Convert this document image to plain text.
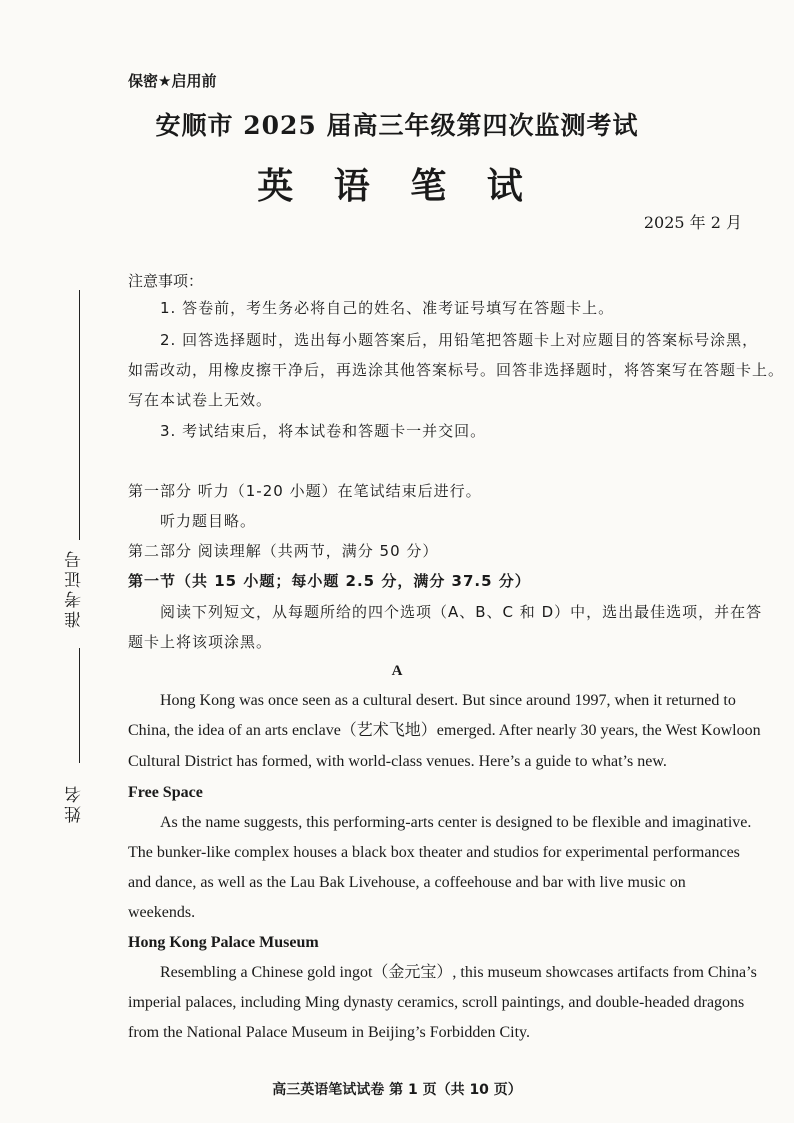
准考证号
姓名
保密★启用前
安顺市 2025 届高三年级第四次监测考试
英 语 笔 试
2025 年 2 月
注意事项：
1. 答卷前，考生务必将自己的姓名、准考证号填写在答题卡上。
2. 回答选择题时，选出每小题答案后，用铅笔把答题卡上对应题目的答案标号涂黑，
如需改动，用橡皮擦干净后，再选涂其他答案标号。回答非选择题时，将答案写在答题卡上。
写在本试卷上无效。
3. 考试结束后，将本试卷和答题卡一并交回。
第一部分 听力（1-20 小题）在笔试结束后进行。
听力题目略。
第二部分 阅读理解（共两节，满分 50 分）
第一节（共 15 小题；每小题 2.5 分，满分 37.5 分）
阅读下列短文，从每题所给的四个选项（A、B、C 和 D）中，选出最佳选项，并在答
题卡上将该项涂黑。
A
Hong Kong was once seen as a cultural desert. But since around 1997, when it returned to
China, the idea of an arts enclave（艺术飞地）emerged. After nearly 30 years, the West Kowloon
Cultural District has formed, with world-class venues. Here’s a guide to what’s new.
Free Space
As the name suggests, this performing-arts center is designed to be flexible and imaginative.
The bunker-like complex houses a black box theater and studios for experimental performances
and dance, as well as the Lau Bak Livehouse, a coffeehouse and bar with live music on
weekends.
Hong Kong Palace Museum
Resembling a Chinese gold ingot（金元宝）, this museum showcases artifacts from China’s
imperial palaces, including Ming dynasty ceramics, scroll paintings, and double-headed dragons
from the National Palace Museum in Beijing’s Forbidden City.
高三英语笔试试卷 第 1 页（共 10 页）
